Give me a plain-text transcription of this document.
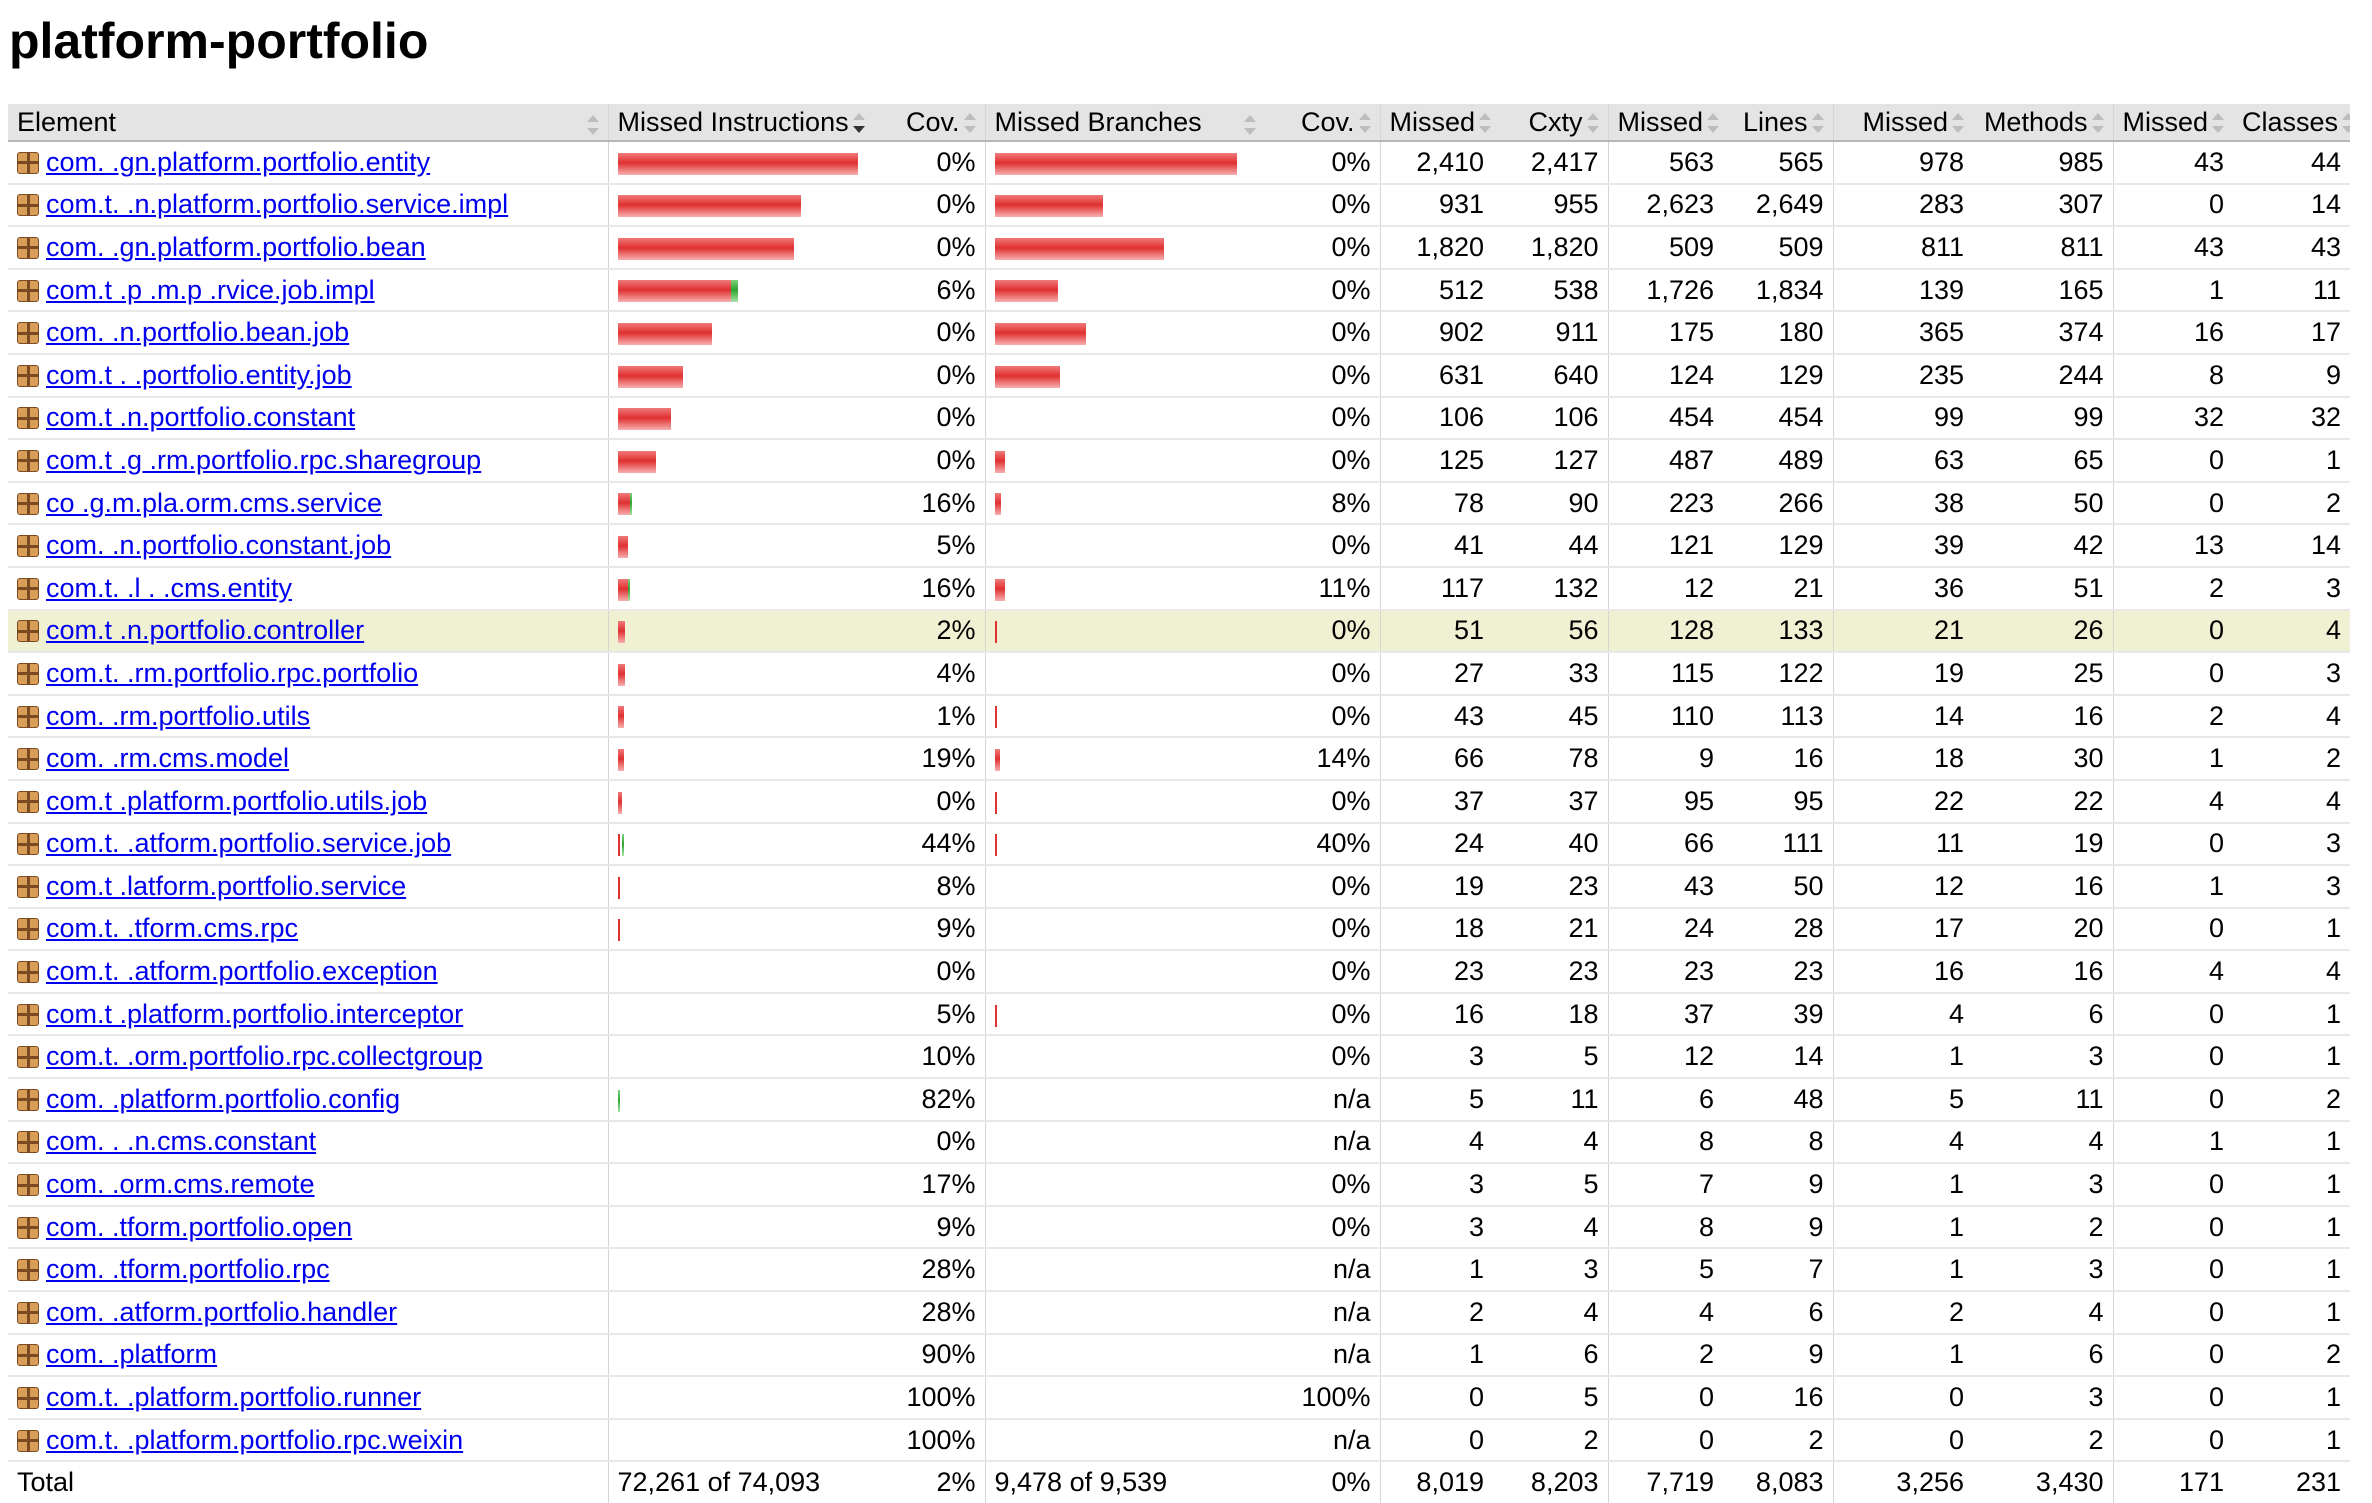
platform-portfolio
Element	Missed Instructions	Cov.	Missed Branches	Cov.	Missed	Cxty	Missed	Lines	Missed	Methods	Missed	Classes
com. .gn.platform.portfolio.entity		0%		0%	2,410	2,417	563	565	978	985	43	44
com.t. .n.platform.portfolio.service.impl		0%		0%	931	955	2,623	2,649	283	307	0	14
com. .gn.platform.portfolio.bean		0%		0%	1,820	1,820	509	509	811	811	43	43
com.t .p .m.p .rvice.job.impl		6%		0%	512	538	1,726	1,834	139	165	1	11
com. .n.portfolio.bean.job		0%		0%	902	911	175	180	365	374	16	17
com.t . .portfolio.entity.job		0%		0%	631	640	124	129	235	244	8	9
com.t .n.portfolio.constant		0%		0%	106	106	454	454	99	99	32	32
com.t .g .rm.portfolio.rpc.sharegroup		0%		0%	125	127	487	489	63	65	0	1
co .g.m.pla.orm.cms.service		16%		8%	78	90	223	266	38	50	0	2
com. .n.portfolio.constant.job		5%		0%	41	44	121	129	39	42	13	14
com.t. .l . .cms.entity		16%		11%	117	132	12	21	36	51	2	3
com.t .n.portfolio.controller		2%		0%	51	56	128	133	21	26	0	4
com.t. .rm.portfolio.rpc.portfolio		4%		0%	27	33	115	122	19	25	0	3
com. .rm.portfolio.utils		1%		0%	43	45	110	113	14	16	2	4
com. .rm.cms.model		19%		14%	66	78	9	16	18	30	1	2
com.t .platform.portfolio.utils.job		0%		0%	37	37	95	95	22	22	4	4
com.t. .atform.portfolio.service.job		44%		40%	24	40	66	111	11	19	0	3
com.t .latform.portfolio.service		8%		0%	19	23	43	50	12	16	1	3
com.t. .tform.cms.rpc		9%		0%	18	21	24	28	17	20	0	1
com.t. .atform.portfolio.exception		0%		0%	23	23	23	23	16	16	4	4
com.t .platform.portfolio.interceptor		5%		0%	16	18	37	39	4	6	0	1
com.t. .orm.portfolio.rpc.collectgroup		10%		0%	3	5	12	14	1	3	0	1
com. .platform.portfolio.config		82%		n/a	5	11	6	48	5	11	0	2
com. . .n.cms.constant		0%		n/a	4	4	8	8	4	4	1	1
com. .orm.cms.remote		17%		0%	3	5	7	9	1	3	0	1
com. .tform.portfolio.open		9%		0%	3	4	8	9	1	2	0	1
com. .tform.portfolio.rpc		28%		n/a	1	3	5	7	1	3	0	1
com. .atform.portfolio.handler		28%		n/a	2	4	4	6	2	4	0	1
com. .platform		90%		n/a	1	6	2	9	1	6	0	2
com.t. .platform.portfolio.runner		100%		100%	0	5	0	16	0	3	0	1
com.t. .platform.portfolio.rpc.weixin		100%		n/a	0	2	0	2	0	2	0	1
Total	72,261 of 74,093	2%	9,478 of 9,539	0%	8,019	8,203	7,719	8,083	3,256	3,430	171	231
